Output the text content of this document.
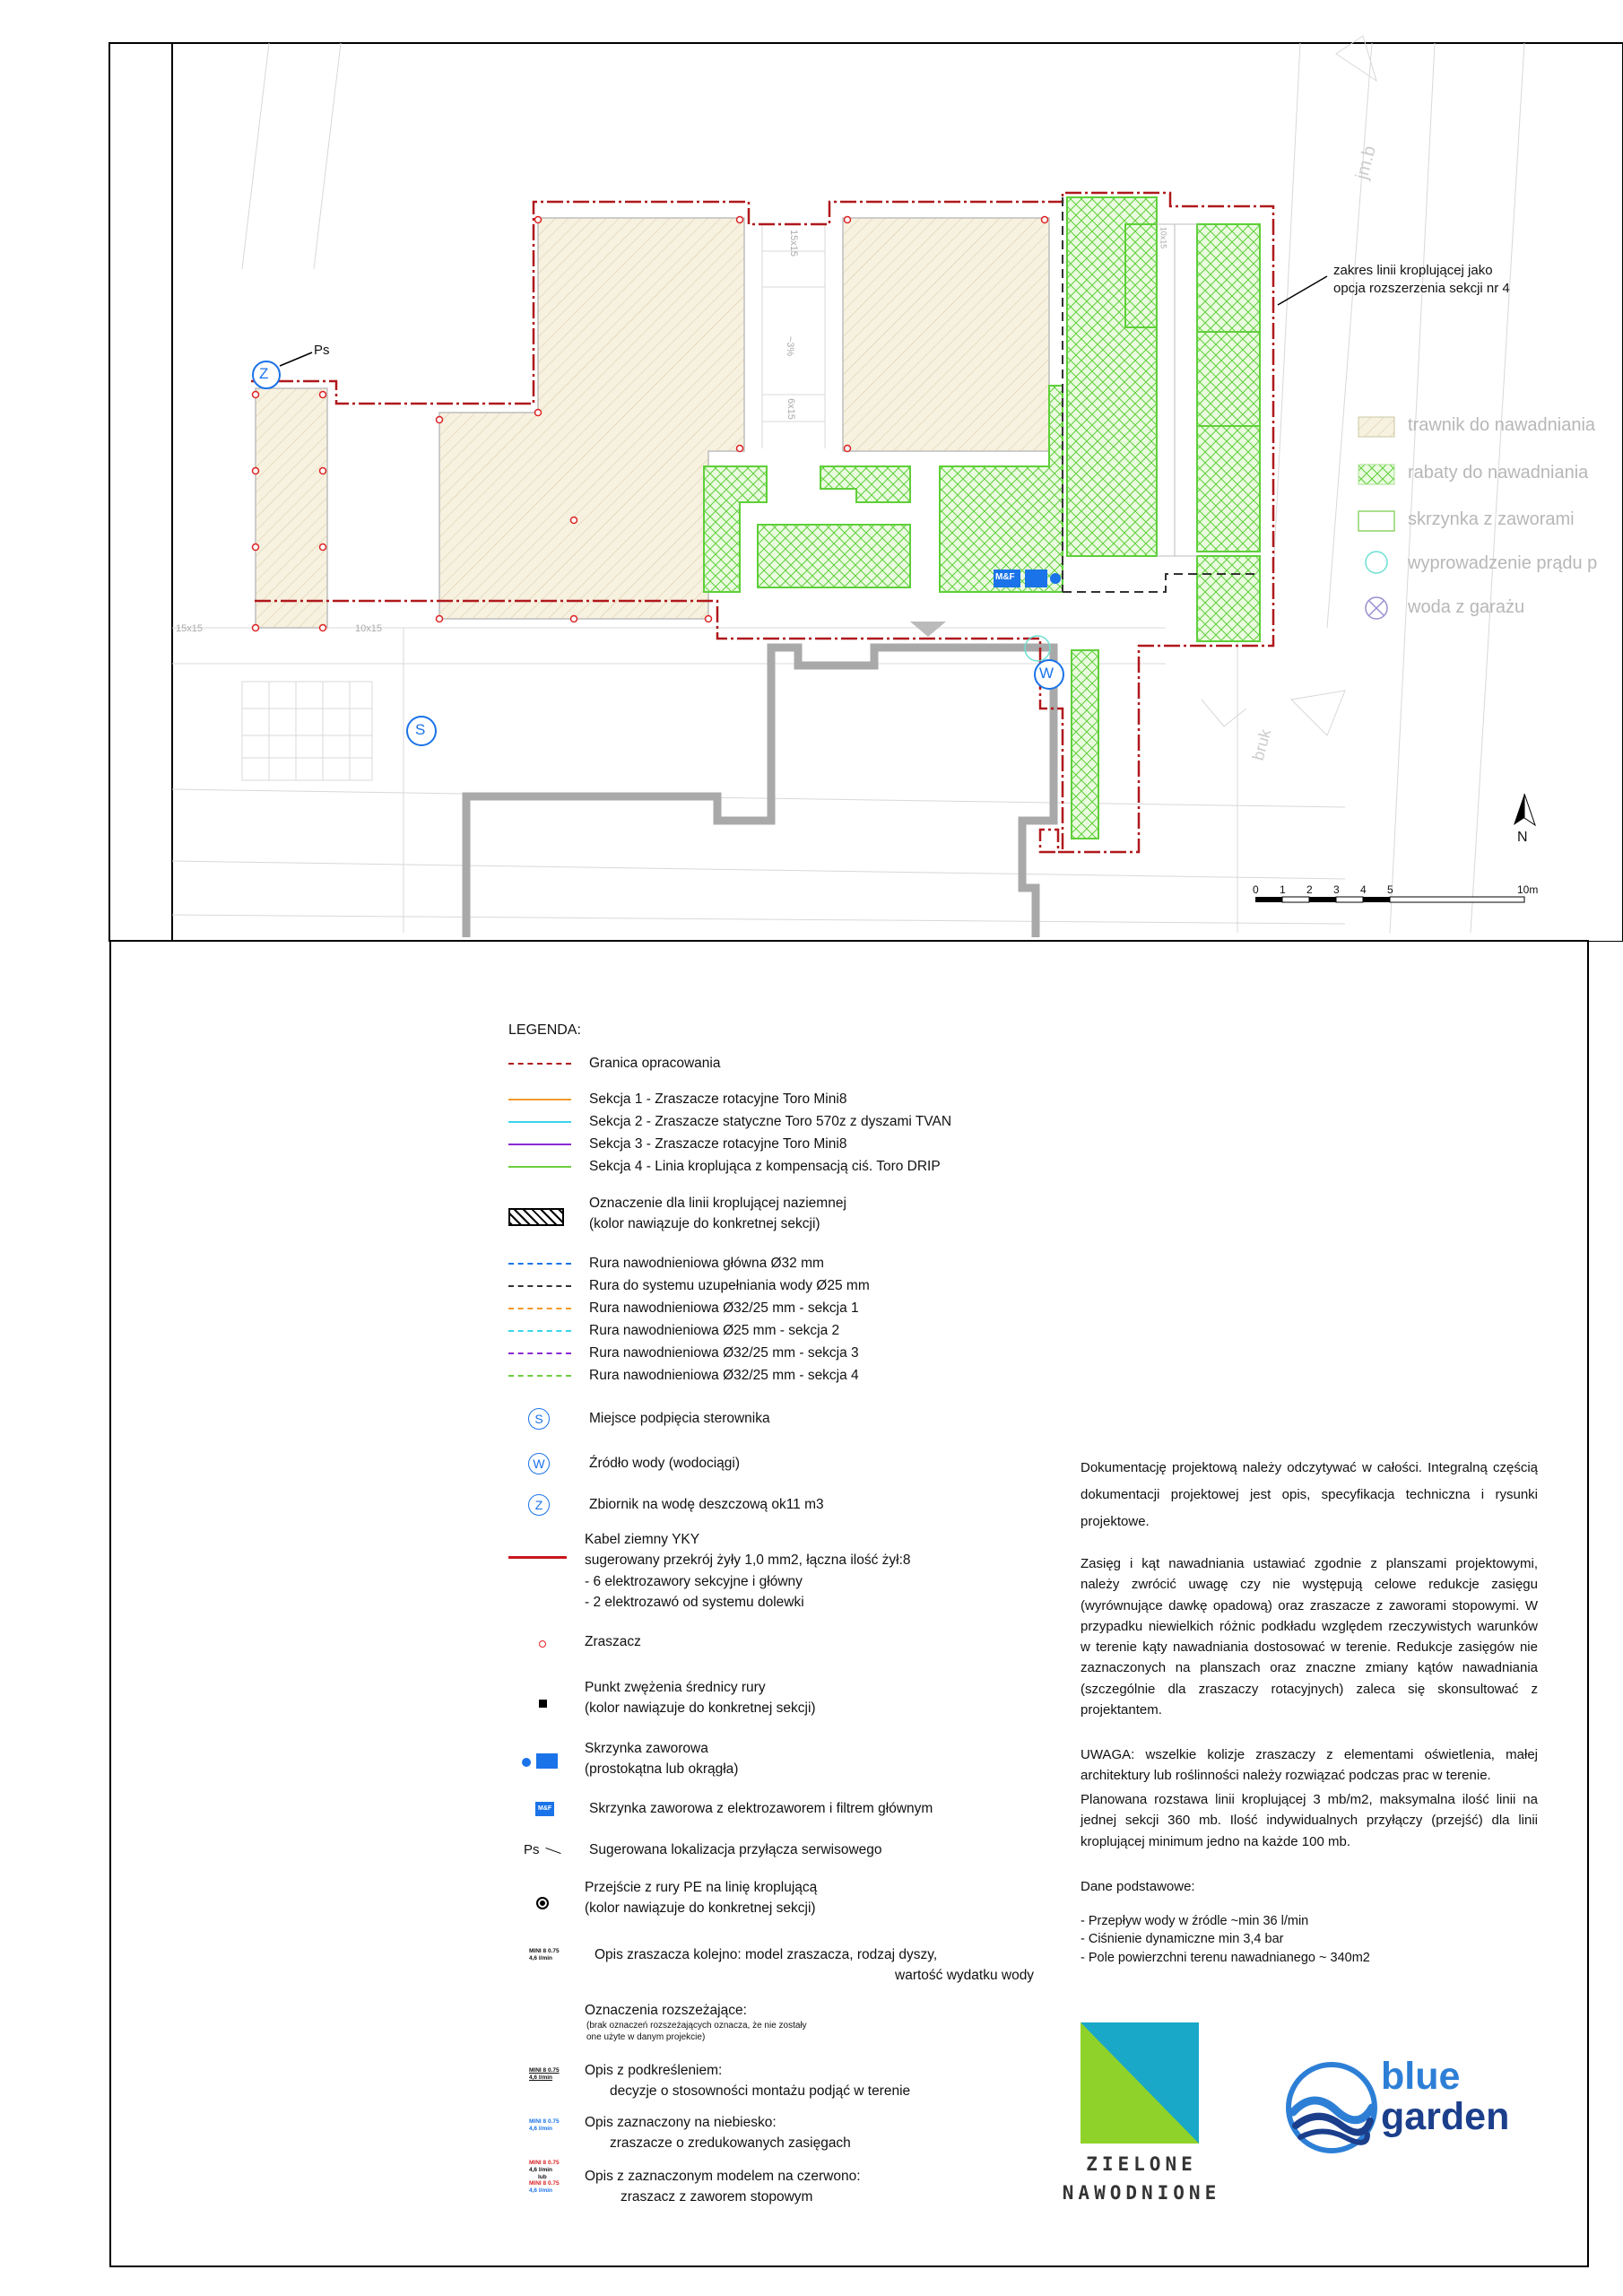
zakres linii kroplującej jako
opcja rozszerzenia sekcji nr 4
Ps
Z
W
S
M&F
N
bruk
jm.b
15x15	10x15
~3%
6x15
15x15	10x15
0 1 2 3 4 5	10m
trawnik do nawadniania
rabaty do nawadniania
skrzynka z zaworami
wyprowadzenie prądu p
woda z garażu
LEGENDA:
Granica opracowania
Sekcja 1 - Zraszacze rotacyjne Toro Mini8
Sekcja 2 - Zraszacze statyczne Toro 570z z dyszami TVAN
Sekcja 3 - Zraszacze rotacyjne Toro Mini8
Sekcja 4 - Linia kroplująca z kompensacją ciś. Toro DRIP
Oznaczenie dla linii kroplującej naziemnej
(kolor nawiązuje do konkretnej sekcji)
Rura nawodnieniowa główna Ø32 mm
Rura do systemu uzupełniania wody Ø25 mm
Rura nawodnieniowa Ø32/25 mm - sekcja 1
Rura nawodnieniowa Ø25 mm - sekcja 2
Rura nawodnieniowa Ø32/25 mm - sekcja 3
Rura nawodnieniowa Ø32/25 mm - sekcja 4
S	Miejsce podpięcia sterownika
W	Źródło wody (wodociągi)
Z	Zbiornik na wodę deszczową ok11 m3
Kabel ziemny YKY
sugerowany przekrój żyły 1,0 mm2, łączna ilość żył:8
- 6 elektrozawory sekcyjne i główny
- 2 elektrozawó od systemu dolewki
Zraszacz
Punkt zwężenia średnicy rury
(kolor nawiązuje do konkretnej sekcji)
Skrzynka zaworowa
(prostokątna lub okrągła)
M&F	Skrzynka zaworowa z elektrozaworem i filtrem głównym
Ps	Sugerowana lokalizacja przyłącza serwisowego
Przejście z rury PE na linię kroplującą
(kolor nawiązuje do konkretnej sekcji)
MINI 8 0.75
4,6 l/min	Opis zraszacza kolejno: model zraszacza, rodzaj dyszy,
wartość wydatku wody
Oznaczenia rozszeżające:
(brak oznaczeń rozszeżających oznacza, że nie zostały
one użyte w danym projekcie)
MINI 8 0.75
4,6 l/min	Opis z podkreśleniem:
decyzje o stosowności montażu podjąć w terenie
MINI 8 0.75
4,6 l/min	Opis zaznaczony na niebiesko:
zraszacze o zredukowanych zasięgach
MINI 8 0.75
4,6 l/min
lub
MINI 8 0.75
4,6 l/min
Opis z zaznaczonym modelem na czerwono:
zraszacz z zaworem stopowym
Dokumentację projektową należy odczytywać w całości. Integralną częścią dokumentacji projektowej jest opis, specyfikacja techniczna i rysunki projektowe.
Zasięg i kąt nawadniania ustawiać zgodnie z planszami projektowymi, należy zwrócić uwagę czy nie występują celowe redukcje zasięgu (wyrównujące dawkę opadową) oraz zraszacze z zaworami stopowymi. W przypadku niewielkich różnic podkładu względem rzeczywistych warunków w terenie kąty nawadniania dostosować w terenie. Redukcje zasięgów nie zaznaczonych na planszach oraz znaczne zmiany kątów nawadniania (szczególnie dla zraszaczy rotacyjnych) zaleca się skonsultować z projektantem.
UWAGA: wszelkie kolizje zraszaczy z elementami oświetlenia, małej architektury lub roślinności należy rozwiązać podczas prac w terenie.
Planowana rozstawa linii kroplującej 3 mb/m2, maksymalna ilość linii na jednej sekcji 360 mb. Ilość indywidualnych przyłączy (przejść) dla linii kroplującej minimum jedno na każde 100 mb.
Dane podstawowe:
- Przepływ wody w źródle ~min 36 l/min
- Ciśnienie dynamiczne min 3,4 bar
- Pole powierzchni terenu nawadnianego ~ 340m2
ZIELONE
NAWODNIONE
blue
garden
